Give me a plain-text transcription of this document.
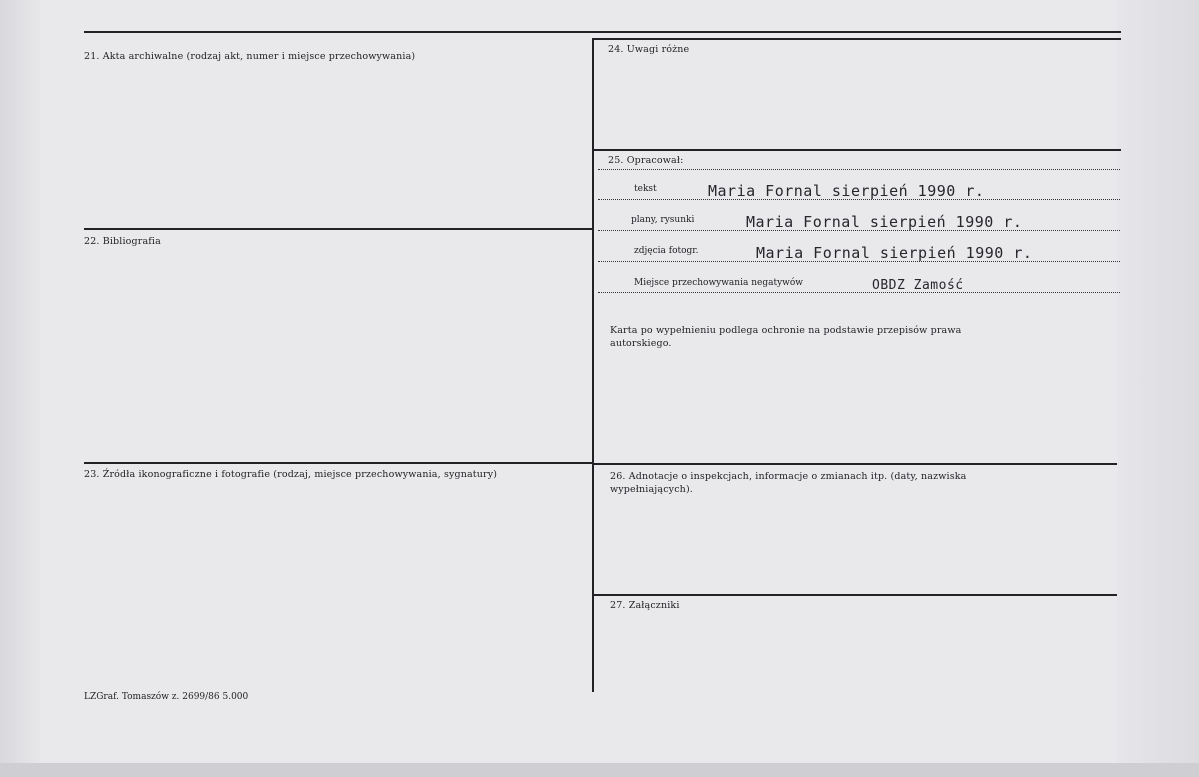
21. Akta archiwalne (rodzaj akt, numer i miejsce przechowywania)
22. Bibliografia
23. Źródła ikonograficzne i fotografie (rodzaj, miejsce przechowywania, sygnatury)
24. Uwagi różne
25. Opracował:
tekst	Maria Fornal sierpień 1990 r.
plany, rysunki	Maria Fornal sierpień 1990 r.
zdjęcia fotogr.	Maria Fornal sierpień 1990 r.
Miejsce przechowywania negatywów	OBDZ Zamość
Karta po wypełnieniu podlega ochronie na podstawie przepisów prawa autorskiego.
26. Adnotacje o inspekcjach, informacje o zmianach itp. (daty, nazwiska wypełniających).
27. Załączniki
LZGraf. Tomaszów z. 2699/86 5.000
